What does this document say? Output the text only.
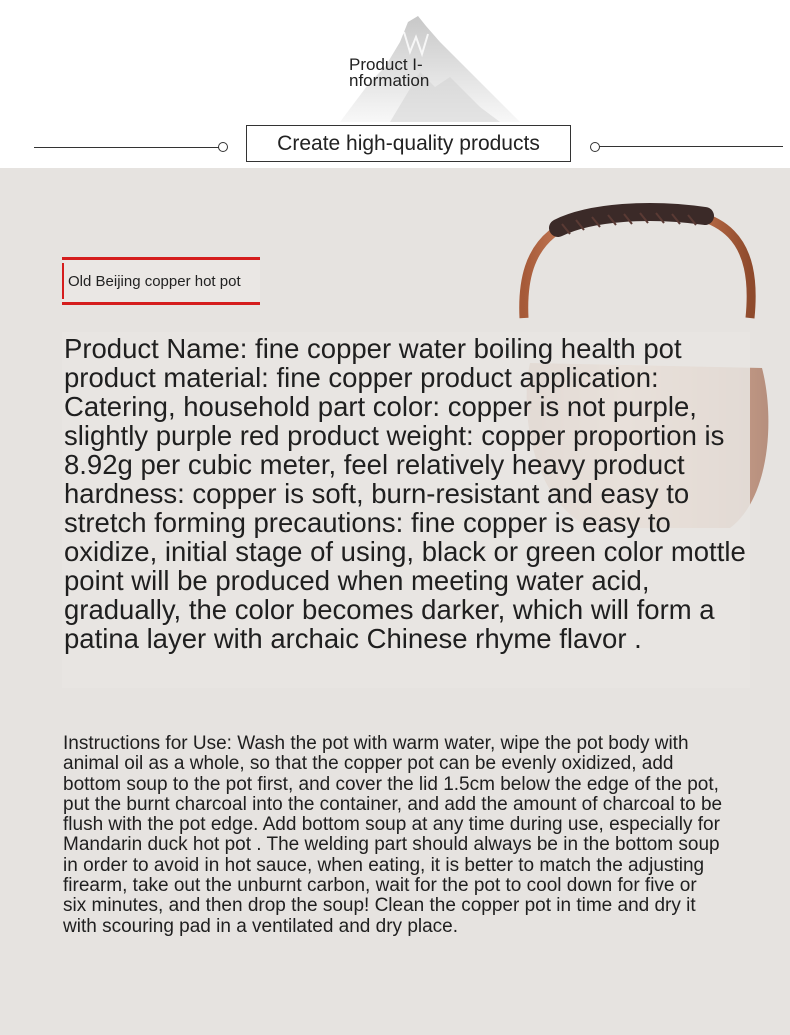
Product I-
nformation
Create high-quality products
Old Beijing copper hot pot
Product Name: fine copper water boiling health pot product material: fine copper product application: Catering, household part color: copper is not purple, slightly purple red product weight: copper proportion is 8.92g per cubic meter, feel relatively heavy product hardness: copper is soft, burn-resistant and easy to stretch forming precautions: fine copper is easy to oxidize, initial stage of using, black or green color mottle point will be produced when meeting water acid, gradually, the color becomes darker, which will form a patina layer with archaic Chinese rhyme flavor .
Instructions for Use: Wash the pot with warm water, wipe the pot body with animal oil as a whole, so that the copper pot can be evenly oxidized, add bottom soup to the pot first, and cover the lid 1.5cm below the edge of the pot, put the burnt charcoal into the container, and add the amount of charcoal to be flush with the pot edge. Add bottom soup at any time during use, especially for Mandarin duck hot pot . The welding part should always be in the bottom soup in order to avoid in hot sauce, when eating, it is better to match the adjusting firearm, take out the unburnt carbon, wait for the pot to cool down for five or six minutes, and then drop the soup! Clean the copper pot in time and dry it with scouring pad in a ventilated and dry place.
